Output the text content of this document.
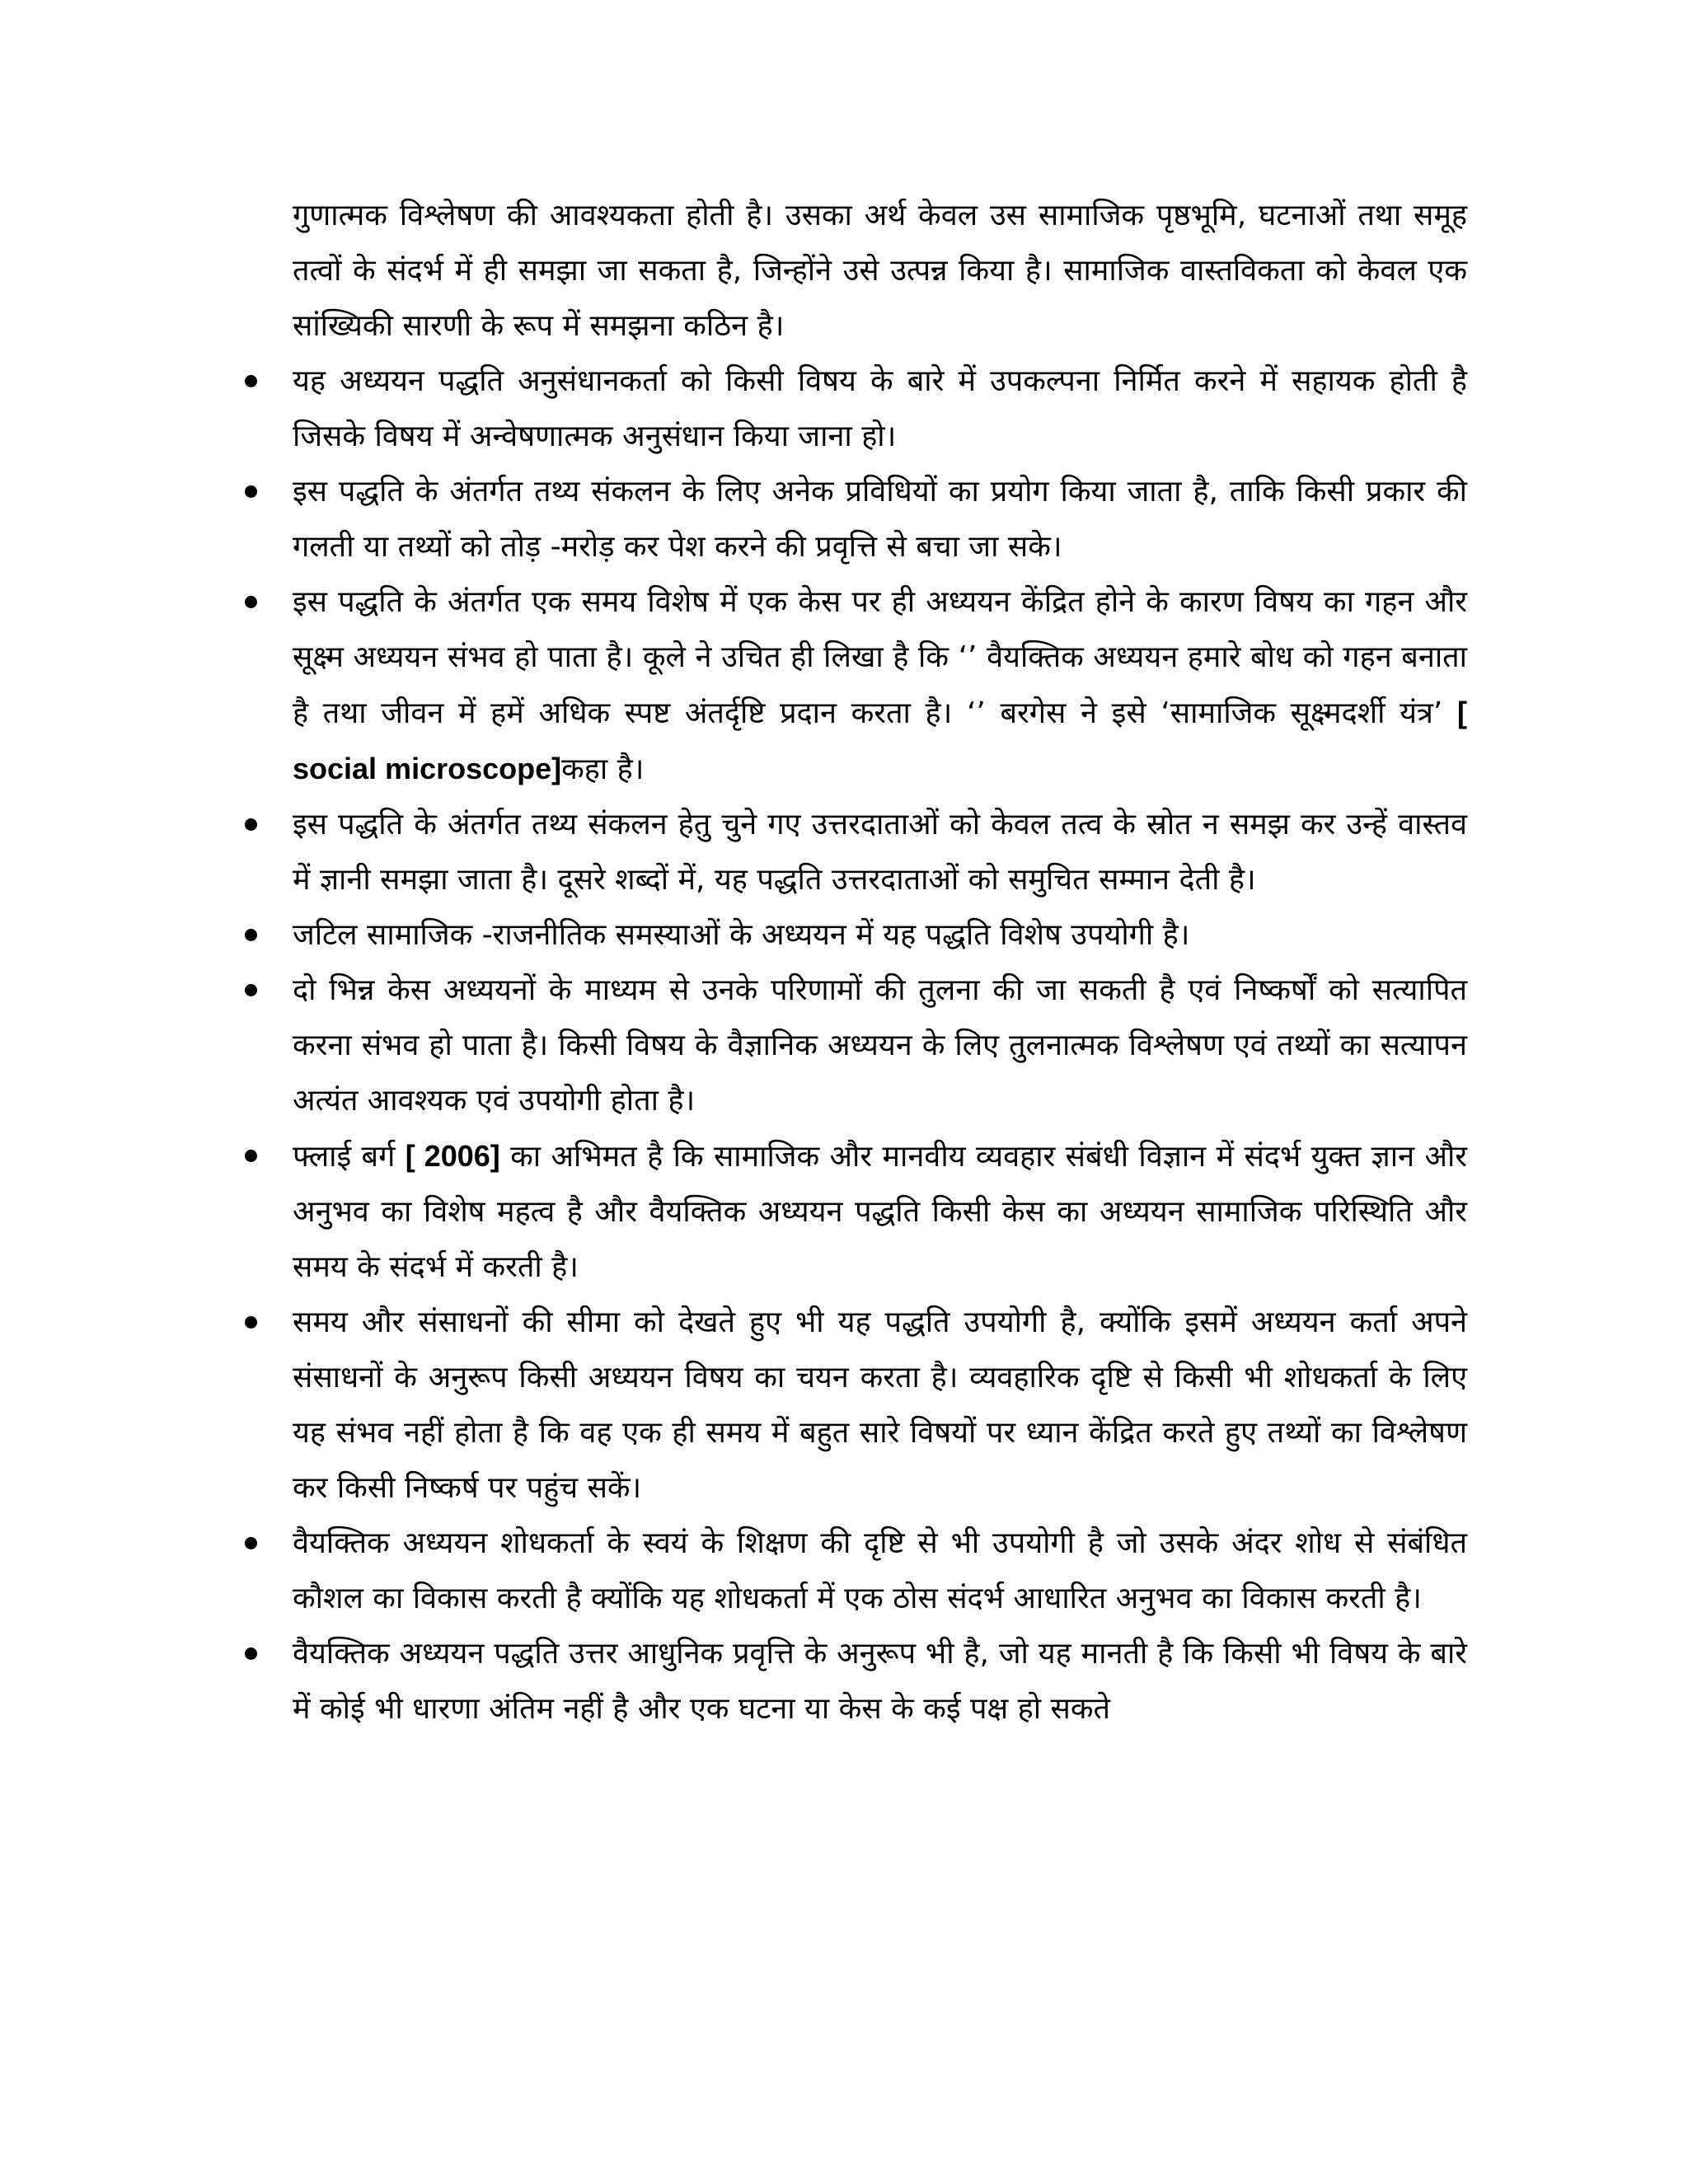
गुणात्मक विश्लेषण की आवश्यकता होती है। उसका अर्थ केवल उस सामाजिक पृष्ठभूमि, घटनाओं तथा समूह तत्वों के संदर्भ में ही समझा जा सकता है, जिन्होंने उसे उत्पन्न किया है। सामाजिक वास्तविकता को केवल एक सांख्यिकी सारणी के रूप में समझना कठिन है।

यह अध्ययन पद्धति अनुसंधानकर्ता को किसी विषय के बारे में उपकल्पना निर्मित करने में सहायक होती है जिसके विषय में अन्वेषणात्मक अनुसंधान किया जाना हो।
इस पद्धति के अंतर्गत तथ्य संकलन के लिए अनेक प्रविधियों का प्रयोग किया जाता है, ताकि किसी प्रकार की गलती या तथ्यों को तोड़ -मरोड़ कर पेश करने की प्रवृत्ति से बचा जा सके।
इस पद्धति के अंतर्गत एक समय विशेष में एक केस पर ही अध्ययन केंद्रित होने के कारण विषय का गहन और सूक्ष्म अध्ययन संभव हो पाता है। कूले ने उचित ही लिखा है कि ‘’ वैयक्तिक अध्ययन हमारे बोध को गहन बनाता है तथा जीवन में हमें अधिक स्पष्ट अंतर्दृष्टि प्रदान करता है। ‘’ बरगेस ने इसे ‘सामाजिक सूक्ष्मदर्शी यंत्र’ [ social microscope]कहा है।
इस पद्धति के अंतर्गत तथ्य संकलन हेतु चुने गए उत्तरदाताओं को केवल तत्व के स्रोत न समझ कर उन्हें वास्तव में ज्ञानी समझा जाता है। दूसरे शब्दों में, यह पद्धति उत्तरदाताओं को समुचित सम्मान देती है।
जटिल सामाजिक -राजनीतिक समस्याओं के अध्ययन में यह पद्धति विशेष उपयोगी है।
दो भिन्न केस अध्ययनों के माध्यम से उनके परिणामों की तुलना की जा सकती है एवं निष्कर्षों को सत्यापित करना संभव हो पाता है। किसी विषय के वैज्ञानिक अध्ययन के लिए तुलनात्मक विश्लेषण एवं तथ्यों का सत्यापन अत्यंत आवश्यक एवं उपयोगी होता है।
फ्लाई बर्ग [ 2006] का अभिमत है कि सामाजिक और मानवीय व्यवहार संबंधी विज्ञान में संदर्भ युक्त ज्ञान और अनुभव का विशेष महत्व है और वैयक्तिक अध्ययन पद्धति किसी केस का अध्ययन सामाजिक परिस्थिति और समय के संदर्भ में करती है।
समय और संसाधनों की सीमा को देखते हुए भी यह पद्धति उपयोगी है, क्योंकि इसमें अध्ययन कर्ता अपने संसाधनों के अनुरूप किसी अध्ययन विषय का चयन करता है। व्यवहारिक दृष्टि से किसी भी शोधकर्ता के लिए यह संभव नहीं होता है कि वह एक ही समय में बहुत सारे विषयों पर ध्यान केंद्रित करते हुए तथ्यों का विश्लेषण कर किसी निष्कर्ष पर पहुंच सकें।
वैयक्तिक अध्ययन शोधकर्ता के स्वयं के शिक्षण की दृष्टि से भी उपयोगी है जो उसके अंदर शोध से संबंधित कौशल का विकास करती है क्योंकि यह शोधकर्ता में एक ठोस संदर्भ आधारित अनुभव का विकास करती है।
वैयक्तिक अध्ययन पद्धति उत्तर आधुनिक प्रवृत्ति के अनुरूप भी है, जो यह मानती है कि किसी भी विषय के बारे में कोई भी धारणा अंतिम नहीं है और एक घटना या केस के कई पक्ष हो सकते
